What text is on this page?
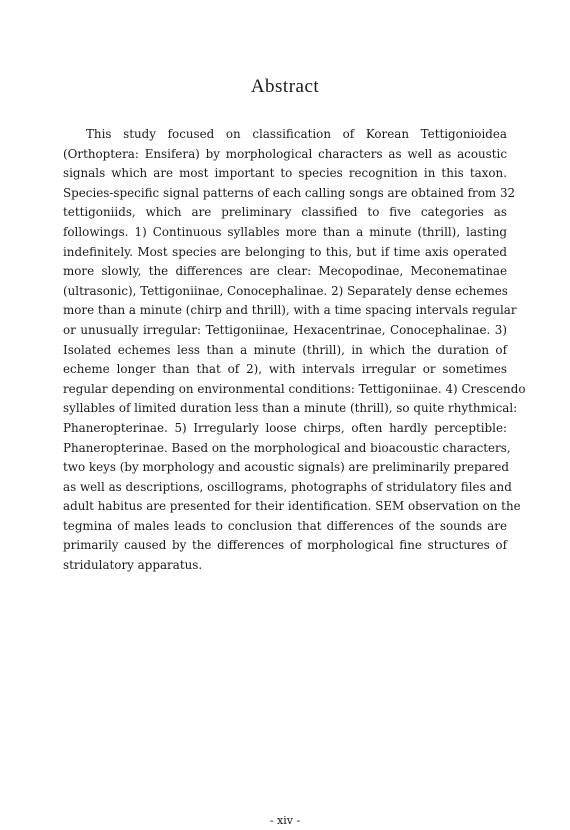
Abstract
This study focused on classification of Korean Tettigonioidea
(Orthoptera: Ensifera) by morphological characters as well as acoustic
signals which are most important to species recognition in this taxon.
Species-specific signal patterns of each calling songs are obtained from 32
tettigoniids, which are preliminary classified to five categories as
followings. 1) Continuous syllables more than a minute (thrill), lasting
indefinitely. Most species are belonging to this, but if time axis operated
more slowly, the differences are clear: Mecopodinae, Meconematinae
(ultrasonic), Tettigoniinae, Conocephalinae. 2) Separately dense echemes
more than a minute (chirp and thrill), with a time spacing intervals regular
or unusually irregular: Tettigoniinae, Hexacentrinae, Conocephalinae. 3)
Isolated echemes less than a minute (thrill), in which the duration of
echeme longer than that of 2), with intervals irregular or sometimes
regular depending on environmental conditions: Tettigoniinae. 4) Crescendo
syllables of limited duration less than a minute (thrill), so quite rhythmical:
Phaneropterinae. 5) Irregularly loose chirps, often hardly perceptible:
Phaneropterinae. Based on the morphological and bioacoustic characters,
two keys (by morphology and acoustic signals) are preliminarily prepared
as well as descriptions, oscillograms, photographs of stridulatory files and
adult habitus are presented for their identification. SEM observation on the
tegmina of males leads to conclusion that differences of the sounds are
primarily caused by the differences of morphological fine structures of
stridulatory apparatus.
- xiv -
